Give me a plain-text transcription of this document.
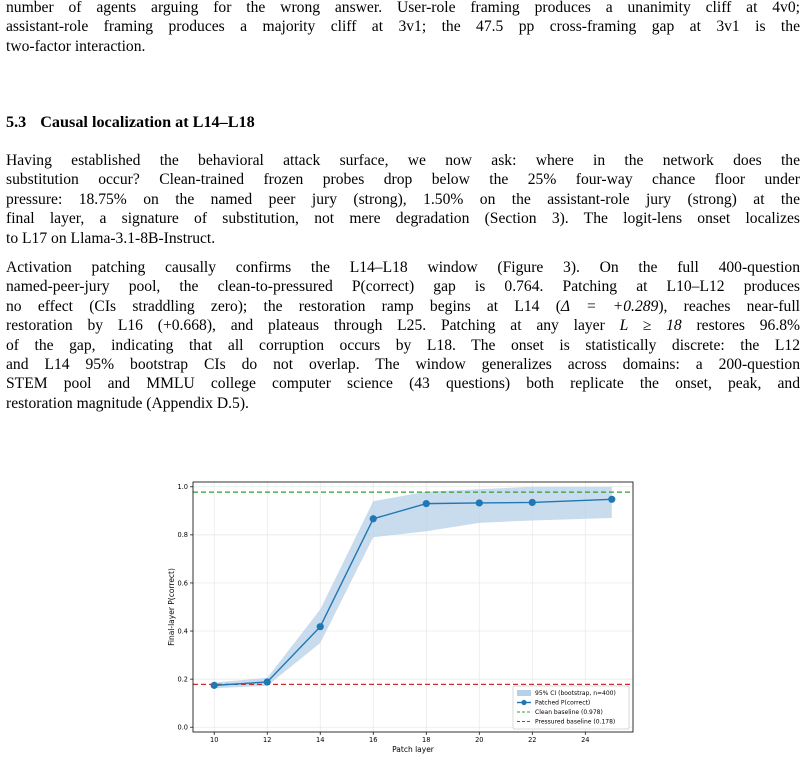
number of agents arguing for the wrong answer. User-role framing produces a unanimity cliff at 4v0;
assistant-role framing produces a majority cliff at 3v1; the 47.5 pp cross-framing gap at 3v1 is the
two-factor interaction.

5.3 Causal localization at L14–L18

Having established the behavioral attack surface, we now ask: where in the network does the
substitution occur? Clean-trained frozen probes drop below the 25% four-way chance floor under
pressure: 18.75% on the named peer jury (strong), 1.50% on the assistant-role jury (strong) at the
final layer, a signature of substitution, not mere degradation (Section 3). The logit-lens onset localizes
to L17 on Llama-3.1-8B-Instruct.

Activation patching causally confirms the L14–L18 window (Figure 3). On the full 400-question
named-peer-jury pool, the clean-to-pressured P(correct) gap is 0.764. Patching at L10–L12 produces
no effect (CIs straddling zero); the restoration ramp begins at L14 (Δ = +0.289), reaches near-full
restoration by L16 (+0.668), and plateaus through L25. Patching at any layer L ≥ 18 restores 96.8%
of the gap, indicating that all corruption occurs by L18. The onset is statistically discrete: the L12
and L14 95% bootstrap CIs do not overlap. The window generalizes across domains: a 200-question
STEM pool and MMLU college computer science (43 questions) both replicate the onset, peak, and
restoration magnitude (Appendix D.5).

10	12	14	16	18	20	22	24
0.0
0.2
0.4
0.6
0.8
1.0
95% CI (bootstrap, n=400)
Patched P(correct)
Clean baseline (0.978)
Pressured baseline (0.178)
Patch layer
Final-layer P(correct)
